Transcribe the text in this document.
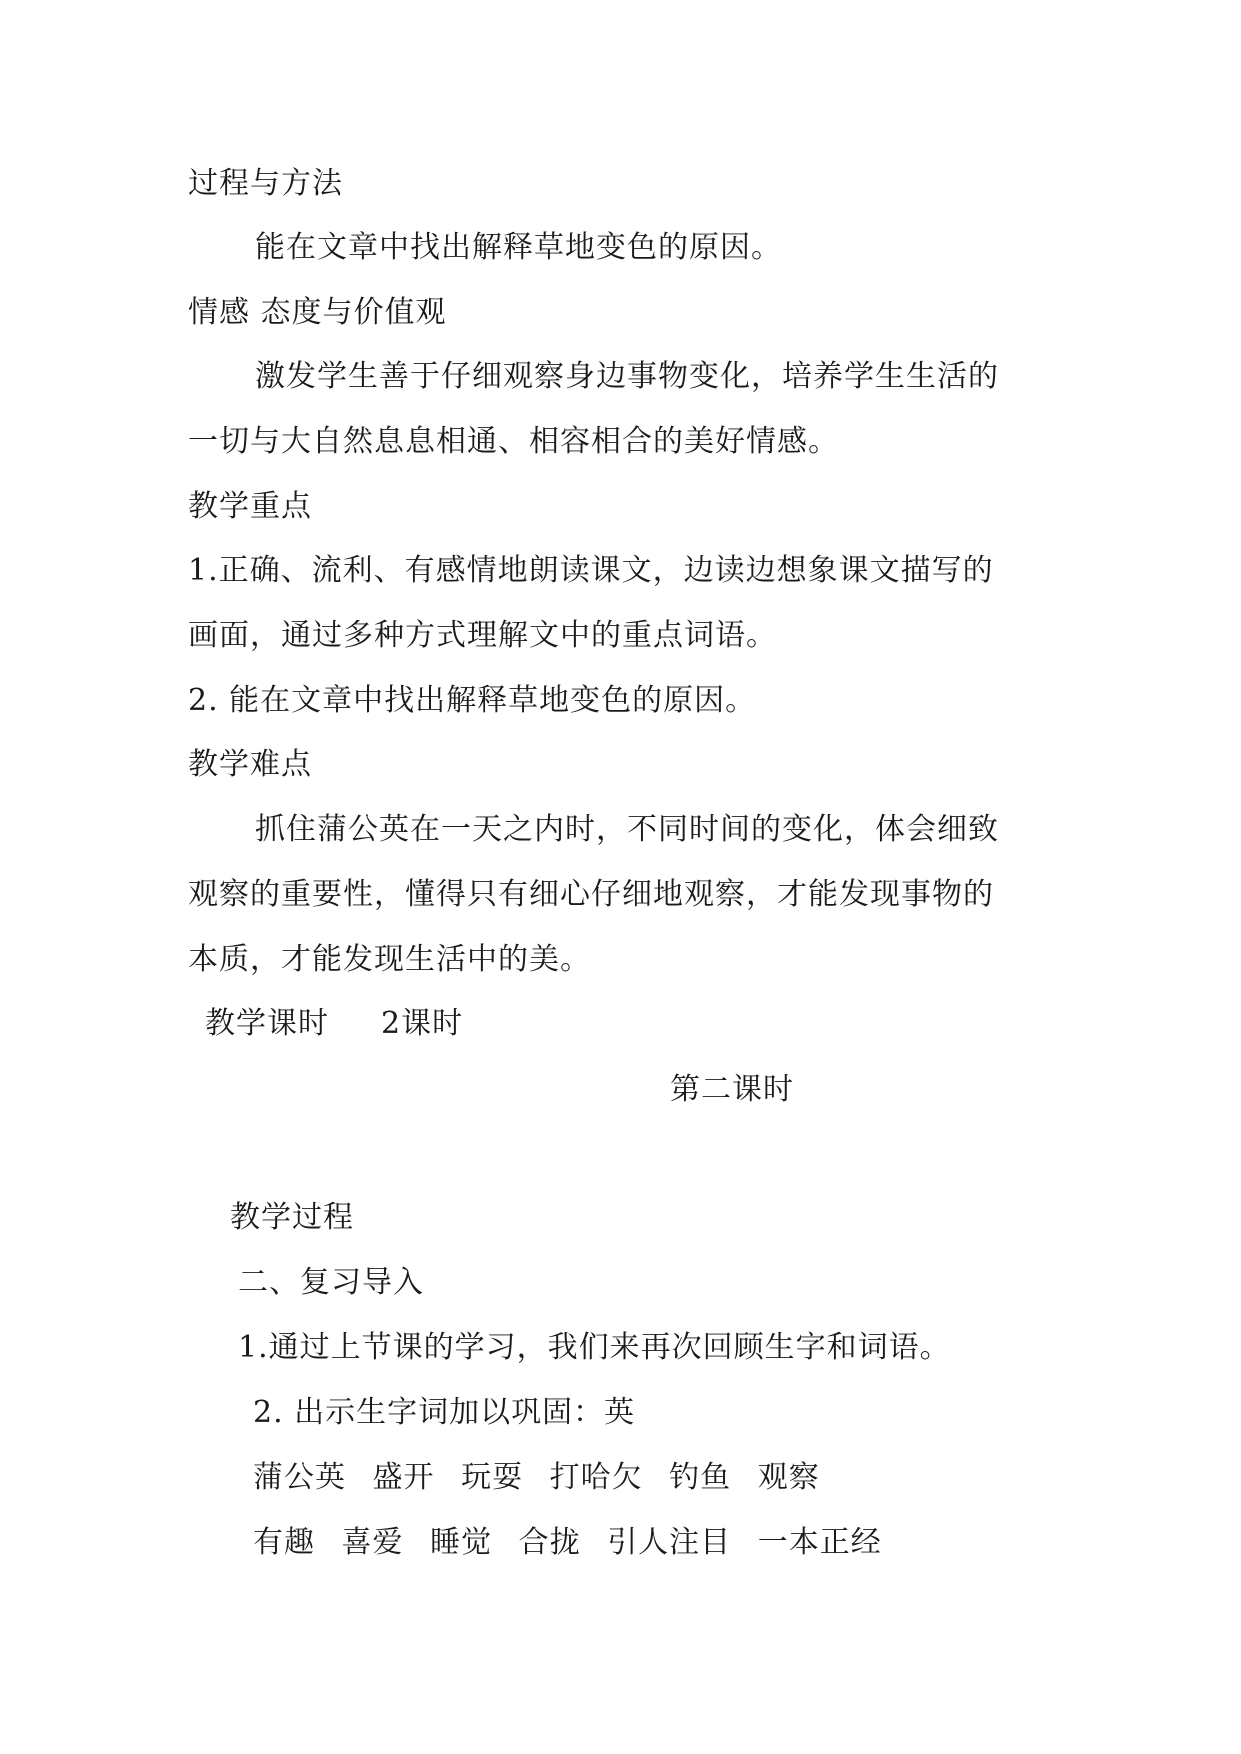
过程与方法
能在文章中找出解释草地变色的原因。
情感 态度与价值观
激发学生善于仔细观察身边事物变化，培养学生生活的
一切与大自然息息相通、相容相合的美好情感。
教学重点
1.正确、流利、有感情地朗读课文，边读边想象课文描写的
画面，通过多种方式理解文中的重点词语。
2. 能在文章中找出解释草地变色的原因。
教学难点
抓住蒲公英在一天之内时，不同时间的变化，体会细致
观察的重要性，懂得只有细心仔细地观察，才能发现事物的
本质，才能发现生活中的美。
教学课时 2课时
第二课时
教学过程
二、复习导入
1.通过上节课的学习，我们来再次回顾生字和词语。
2. 出示生字词加以巩固：英
蒲公英 盛开 玩耍 打哈欠 钓鱼 观察
有趣 喜爱 睡觉 合拢 引人注目 一本正经
